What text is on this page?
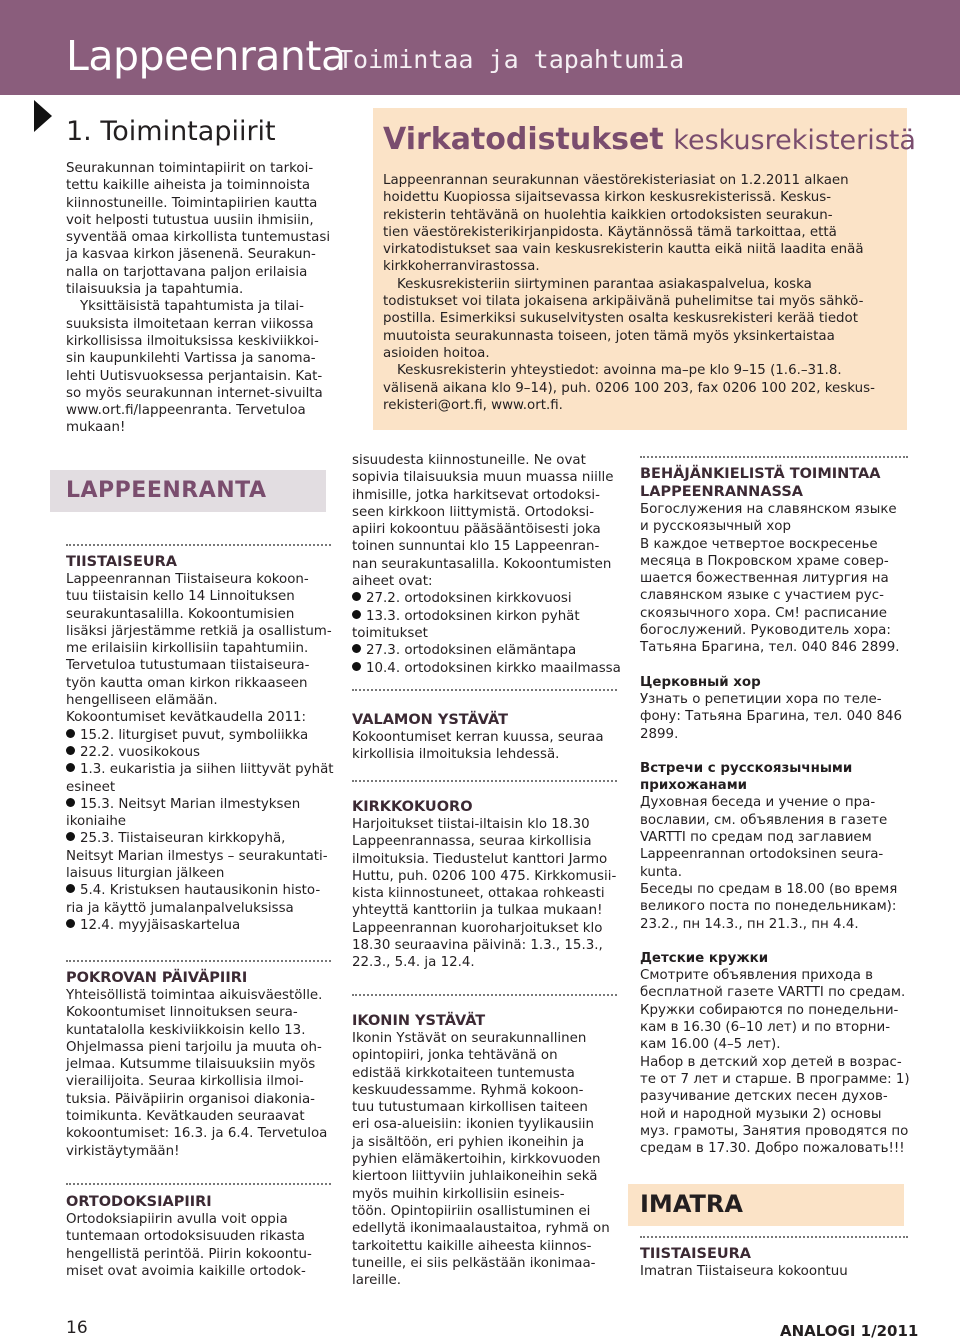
Lappeenranta
Toimintaa ja tapahtumia
1. Toimintapiirit

Seurakunnan toimintapiirit on tarkoi-

tettu kaikille aiheista ja toiminnoista

kiinnostuneille. Toimintapiirien kautta

voit helposti tutustua uusiin ihmisiin,

syventää omaa kirkollista tuntemustasi

ja kasvaa kirkon jäsenenä. Seurakun-

nalla on tarjottavana paljon erilaisia

tilaisuuksia ja tapahtumia.

Yksittäisistä tapahtumista ja tilai-

suuksista ilmoitetaan kerran viikossa

kirkollisissa ilmoituksissa keskiviikkoi-

sin kaupunkilehti Vartissa ja sanoma-

lehti Uutisvuoksessa perjantaisin. Kat-

so myös seurakunnan internet-sivuilta

www.ort.fi/lappeenranta. Tervetuloa

mukaan!

Virkatodistukset keskusrekisteristä

Lappeenrannan seurakunnan väestörekisteriasiat on 1.2.2011 alkaen

hoidettu Kuopiossa sijaitsevassa kirkon keskusrekisterissä. Keskus-

rekisterin tehtävänä on huolehtia kaikkien ortodoksisten seurakun-

tien väestörekisterikirjanpidosta. Käytännössä tämä tarkoittaa, että

virkatodistukset saa vain keskusrekisterin kautta eikä niitä laadita enää

kirkkoherranvirastossa.

Keskusrekisteriin siirtyminen parantaa asiakaspalvelua, koska

todistukset voi tilata jokaisena arkipäivänä puhelimitse tai myös sähkö-

postilla. Esimerkiksi sukuselvitysten osalta keskusrekisteri kerää tiedot

muutoista seurakunnasta toiseen, joten tämä myös yksinkertaistaa

asioiden hoitoa.

Keskusrekisterin yhteystiedot: avoinna ma–pe klo 9–15 (1.6.–31.8.

välisenä aikana klo 9–14), puh. 0206 100 203, fax 0206 100 202, keskus-

rekisteri@ort.fi, www.ort.fi.

LAPPEENRANTA
TIISTAISEURA

Lappeenrannan Tiistaiseura kokoon-

tuu tiistaisin kello 14 Linnoituksen

seurakuntasalilla. Kokoontumisien

lisäksi järjestämme retkiä ja osallistum-

me erilaisiin kirkollisiin tapahtumiin.

Tervetuloa tutustumaan tiistaiseura-

työn kautta oman kirkon rikkaaseen

hengelliseen elämään.

Kokoontumiset kevätkaudella 2011:

15.2. liturgiset puvut, symboliikka

22.2. vuosikokous

1.3. eukaristia ja siihen liittyvät pyhät

esineet

15.3. Neitsyt Marian ilmestyksen

ikoniaihe

25.3. Tiistaiseuran kirkkopyhä,

Neitsyt Marian ilmestys – seurakuntati-

laisuus liturgian jälkeen

5.4. Kristuksen hautausikonin histo-

ria ja käyttö jumalanpalveluksissa

12.4. myyjäisaskartelua

POKROVAN PÄIVÄPIIRI

Yhteisöllistä toimintaa aikuisväestölle.

Kokoontumiset linnoituksen seura-

kuntatalolla keskiviikkoisin kello 13.

Ohjelmassa pieni tarjoilu ja muuta oh-

jelmaa. Kutsumme tilaisuuksiin myös

vierailijoita. Seuraa kirkollisia ilmoi-

tuksia. Päiväpiirin organisoi diakonia-

toimikunta. Kevätkauden seuraavat

kokoontumiset: 16.3. ja 6.4. Tervetuloa

virkistäytymään!

ORTODOKSIAPIIRI

Ortodoksiapiirin avulla voit oppia

tuntemaan ortodoksisuuden rikasta

hengellistä perintöä. Piirin kokoontu-

miset ovat avoimia kaikille ortodok-

sisuudesta kiinnostuneille. Ne ovat

sopivia tilaisuuksia muun muassa niille

ihmisille, jotka harkitsevat ortodoksi-

seen kirkkoon liittymistä. Ortodoksi-

apiiri kokoontuu pääsääntöisesti joka

toinen sunnuntai klo 15 Lappeenran-

nan seurakuntasalilla. Kokoontumisten

aiheet ovat:

27.2. ortodoksinen kirkkovuosi

13.3. ortodoksinen kirkon pyhät

toimitukset

27.3. ortodoksinen elämäntapa

10.4. ortodoksinen kirkko maailmassa

VALAMON YSTÄVÄT

Kokoontumiset kerran kuussa, seuraa

kirkollisia ilmoituksia lehdessä.

KIRKKOKUORO

Harjoitukset tiistai-iltaisin klo 18.30

Lappeenrannassa, seuraa kirkollisia

ilmoituksia. Tiedustelut kanttori Jarmo

Huttu, puh. 0206 100 475. Kirkkomusii-

kista kiinnostuneet, ottakaa rohkeasti

yhteyttä kanttoriin ja tulkaa mukaan!

Lappeenrannan kuoroharjoitukset klo

18.30 seuraavina päivinä: 1.3., 15.3.,

22.3., 5.4. ja 12.4.

IKONIN YSTÄVÄT

Ikonin Ystävät on seurakunnallinen

opintopiiri, jonka tehtävänä on

edistää kirkkotaiteen tuntemusta

keskuudessamme. Ryhmä kokoon-

tuu tutustumaan kirkollisen taiteen

eri osa-alueisiin: ikonien tyylikausiin

ja sisältöön, eri pyhien ikoneihin ja

pyhien elämäkertoihin, kirkkovuoden

kiertoon liittyviin juhlaikoneihin sekä

myös muihin kirkollisiin esineis-

töön. Opintopiiriin osallistuminen ei

edellytä ikonimaalaustaitoa, ryhmä on

tarkoitettu kaikille aiheesta kiinnos-

tuneille, ei siis pelkästään ikonimaa-

lareille.

ВЕНÄJÄNKIELISTÄ TOIMINTAA
LAPPEENRANNASSA

Богослужения на славянском языке

и русскоязычный хор

В каждое четвертое воскресенье

месяца в Покровском храме совер-

шается божественная литургия на

славянском языке с участием рус-

скоязычного хора. См! расписание

богослужений. Руководитель хора:

Татьяна Брагина, тел. 040 846 2899.

Церковный хор

Узнать о репетиции хора по теле-

фону: Татьяна Брагина, тел. 040 846

2899.

Встречи с русскоязычными
прихожанами

Духовная беседа и учение о пра-

вославии, см. объявления в газете

VARTTI по средам под заглавием

Lappeenrannan ortodoksinen seura-

kunta.

Беседы по средам в 18.00 (во время

великого поста по понедельникам):

23.2., пн 14.3., пн 21.3., пн 4.4.

Детские кружки

Смотрите объявления прихода в

бесплатной газете VARTTI по средам.

Кружки собираются по понедельни-

кам в 16.30 (6–10 лет) и по вторни-

кам 16.00 (4–5 лет).

Набор в детский хор детей в возраc-

те от 7 лет и старше. В программе: 1)

разучивание детских песен духов-

ной и народной музыки 2) основы

муз. грамоты, Занятия проводятся по

средам в 17.30. Добро пожаловать!!!

IMATRA
TIISTAISEURA

Imatran Tiistaiseura kokoontuu

16	ANALOGI 1/2011
